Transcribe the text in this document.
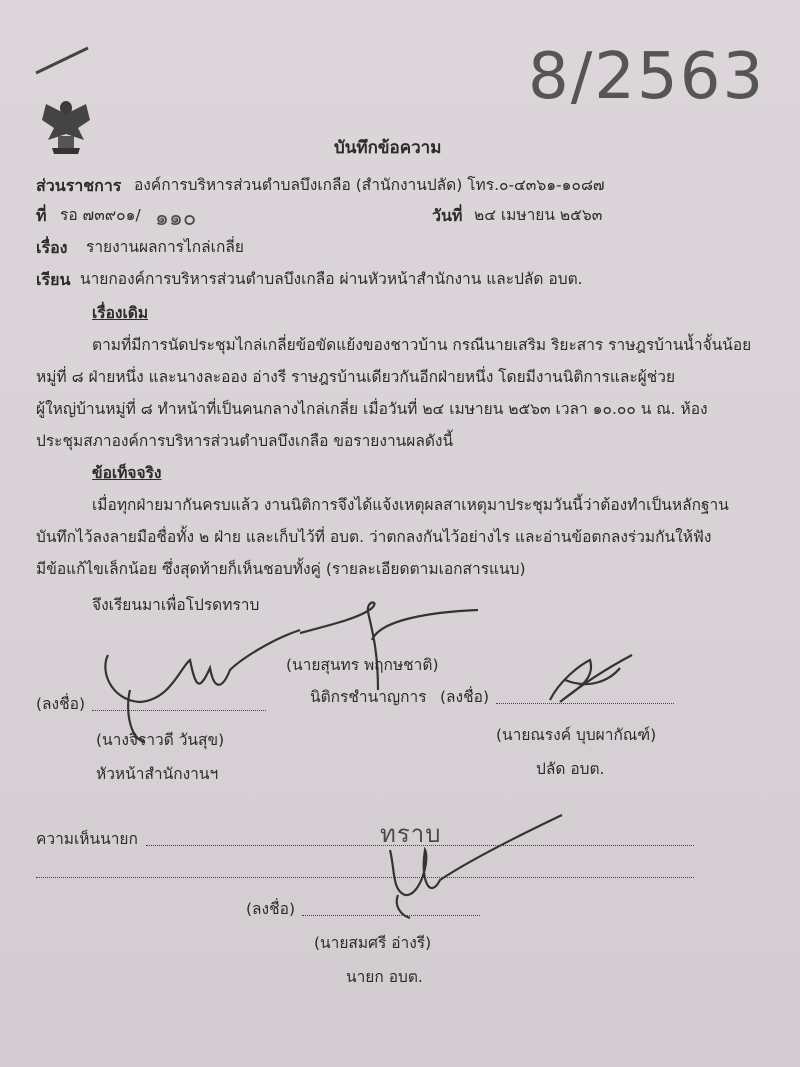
8/2563
บันทึกข้อความ
ส่วนราชการ องค์การบริหารส่วนตำบลบึงเกลือ (สำนักงานปลัด) โทร.๐-๔๓๖๑-๑๐๘๗
ที่ รอ ๗๓๙๐๑/ ๑๑๐	วันที่ ๒๔ เมษายน ๒๕๖๓
เรื่อง รายงานผลการไกล่เกลี่ย
เรียน นายกองค์การบริหารส่วนตำบลบึงเกลือ ผ่านหัวหน้าสำนักงาน และปลัด อบต.
เรื่องเดิม
ตามที่มีการนัดประชุมไกล่เกลี่ยข้อขัดแย้งของชาวบ้าน กรณีนายเสริม ริยะสาร ราษฎรบ้านน้ำจั้นน้อย
หมู่ที่ ๘ ฝ่ายหนึ่ง และนางละออง อ่างรี ราษฎรบ้านเดียวกันอีกฝ่ายหนึ่ง โดยมีงานนิติการและผู้ช่วย
ผู้ใหญ่บ้านหมู่ที่ ๘ ทำหน้าที่เป็นคนกลางไกล่เกลี่ย เมื่อวันที่ ๒๔ เมษายน ๒๕๖๓ เวลา ๑๐.๐๐ น ณ. ห้อง
ประชุมสภาองค์การบริหารส่วนตำบลบึงเกลือ ขอรายงานผลดังนี้
ข้อเท็จจริง
เมื่อทุกฝ่ายมากันครบแล้ว งานนิติการจึงได้แจ้งเหตุผลสาเหตุมาประชุมวันนี้ว่าต้องทำเป็นหลักฐาน
บันทึกไว้ลงลายมือชื่อทั้ง ๒ ฝ่าย และเก็บไว้ที่ อบต. ว่าตกลงกันไว้อย่างไร และอ่านข้อตกลงร่วมกันให้ฟัง
มีข้อแก้ไขเล็กน้อย ซึ่งสุดท้ายก็เห็นชอบทั้งคู่ (รายละเอียดตามเอกสารแนบ)
จึงเรียนมาเพื่อโปรดทราบ
(นายสุนทร พฤกษชาติ)
นิติกรชำนาญการ
(ลงชื่อ)
(นางจิราวดี วันสุข)
หัวหน้าสำนักงานฯ
(ลงชื่อ)
(นายณรงค์ บุบผากัณฑ์)
ปลัด อบต.
ความเห็นนายก	ทราบ
(ลงชื่อ)
(นายสมศรี อ่างรี)
นายก อบต.
